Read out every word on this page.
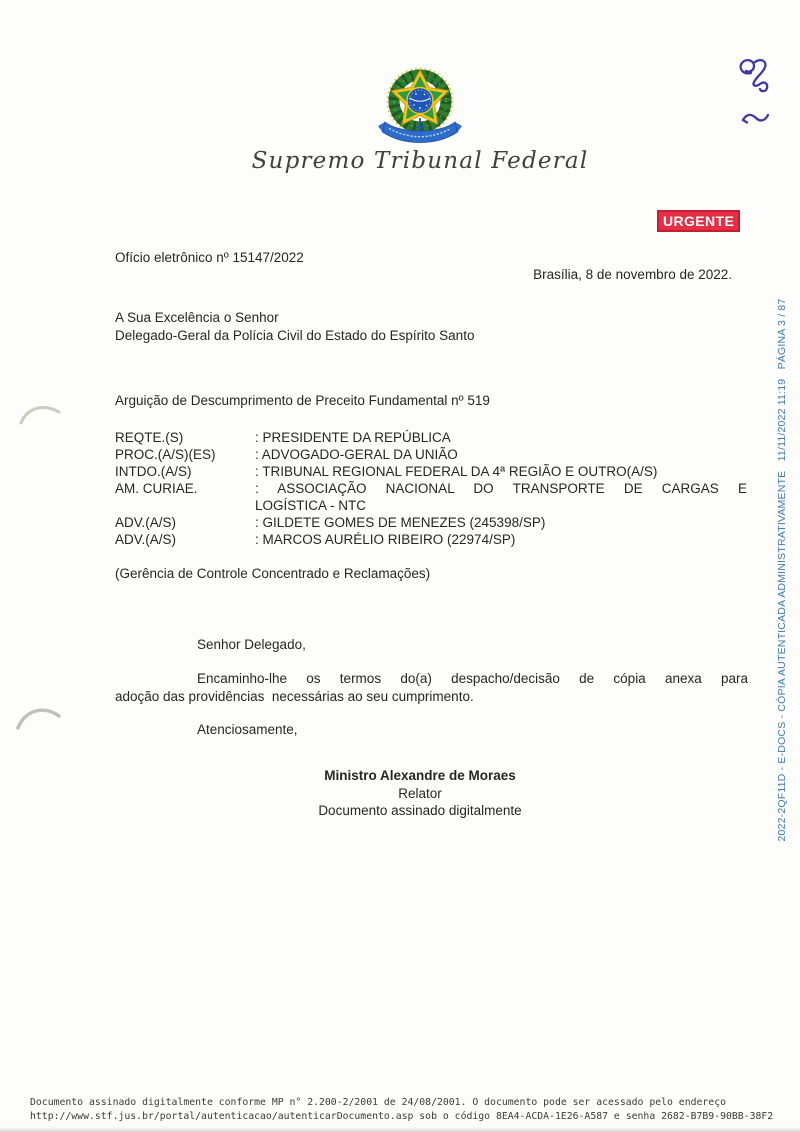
Supremo Tribunal Federal
URGENTE
Ofício eletrônico nº 15147/2022
Brasília, 8 de novembro de 2022.
A Sua Excelência o Senhor
Delegado-Geral da Polícia Civil do Estado do Espírito Santo
Arguição de Descumprimento de Preceito Fundamental nº 519
REQTE.(S)	: PRESIDENTE DA REPÚBLICA
PROC.(A/S)(ES)	: ADVOGADO-GERAL DA UNIÃO
INTDO.(A/S)	: TRIBUNAL REGIONAL FEDERAL DA 4ª REGIÃO E OUTRO(A/S)
AM. CURIAE.	: ASSOCIAÇÃO NACIONAL DO TRANSPORTE DE CARGAS E
LOGÍSTICA - NTC
ADV.(A/S)	: GILDETE GOMES DE MENEZES (245398/SP)
ADV.(A/S)	: MARCOS AURÉLIO RIBEIRO (22974/SP)
(Gerência de Controle Concentrado e Reclamações)
Senhor Delegado,
Encaminho-lhe os termos do(a) despacho/decisão de cópia anexa para
adoção das providências  necessárias ao seu cumprimento.
Atenciosamente,
Ministro Alexandre de Moraes
Relator
Documento assinado digitalmente	2022-2QF11D - E-DOCS - CÓPIA AUTENTICADA ADMINISTRATIVAMENTE   11/11/2022 11:19   PÁGINA 3 / 87
Documento assinado digitalmente conforme MP n° 2.200-2/2001 de 24/08/2001. O documento pode ser acessado pelo endereço
http://www.stf.jus.br/portal/autenticacao/autenticarDocumento.asp sob o código 8EA4-ACDA-1E26-A587 e senha 2682-B7B9-90BB-38F2
